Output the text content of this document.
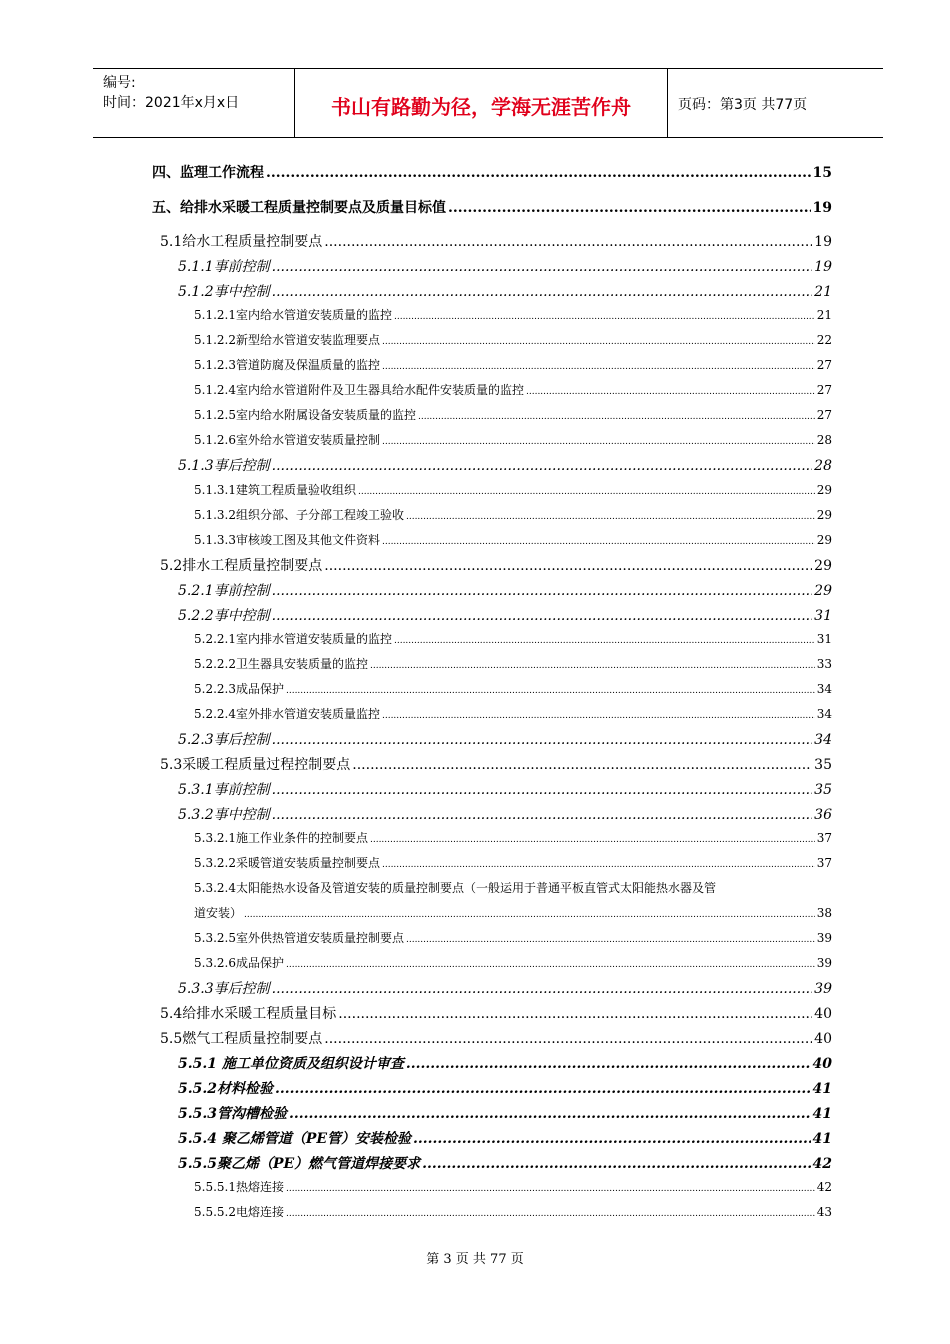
编号:
时间：2021年x月x日	书山有路勤为径，学海无涯苦作舟	页码：第3页 共77页
四、监理工作流程 .....	15
五、给排水采暖工程质量控制要点及质量目标值 .....	19
5.1给水工程质量控制要点 .....	19
5.1.1事前控制 .....	19
5.1.2事中控制 .....	21
5.1.2.1室内给水管道安装质量的监控 .....	21
5.1.2.2新型给水管道安装监理要点 .....	22
5.1.2.3管道防腐及保温质量的监控 .....	27
5.1.2.4室内给水管道附件及卫生器具给水配件安装质量的监控 .....	27
5.1.2.5室内给水附属设备安装质量的监控 .....	27
5.1.2.6室外给水管道安装质量控制 .....	28
5.1.3事后控制 .....	28
5.1.3.1建筑工程质量验收组织 .....	29
5.1.3.2组织分部、子分部工程竣工验收 .....	29
5.1.3.3审核竣工图及其他文件资料 .....	29
5.2排水工程质量控制要点 .....	29
5.2.1事前控制 .....	29
5.2.2事中控制 .....	31
5.2.2.1室内排水管道安装质量的监控 .....	31
5.2.2.2卫生器具安装质量的监控 .....	33
5.2.2.3成品保护 .....	34
5.2.2.4室外排水管道安装质量监控 .....	34
5.2.3事后控制 .....	34
5.3采暖工程质量过程控制要点 .....	35
5.3.1事前控制 .....	35
5.3.2事中控制 .....	36
5.3.2.1施工作业条件的控制要点 .....	37
5.3.2.2采暖管道安装质量控制要点 .....	37
5.3.2.4太阳能热水设备及管道安装的质量控制要点（一般运用于普通平板直管式太阳能热水器及管
道安装） .....	38
5.3.2.5室外供热管道安装质量控制要点 .....	39
5.3.2.6成品保护 .....	39
5.3.3事后控制 .....	39
5.4给排水采暖工程质量目标 .....	40
5.5燃气工程质量控制要点 .....	40
5.5.1 施工单位资质及组织设计审查 .....	40
5.5.2材料检验 .....	41
5.5.3管沟槽检验 .....	41
5.5.4 聚乙烯管道（PE管）安装检验 .....	41
5.5.5聚乙烯（PE）燃气管道焊接要求 .....	42
5.5.5.1热熔连接 .....	42
5.5.5.2电熔连接 .....	43
第 3 页 共 77 页
